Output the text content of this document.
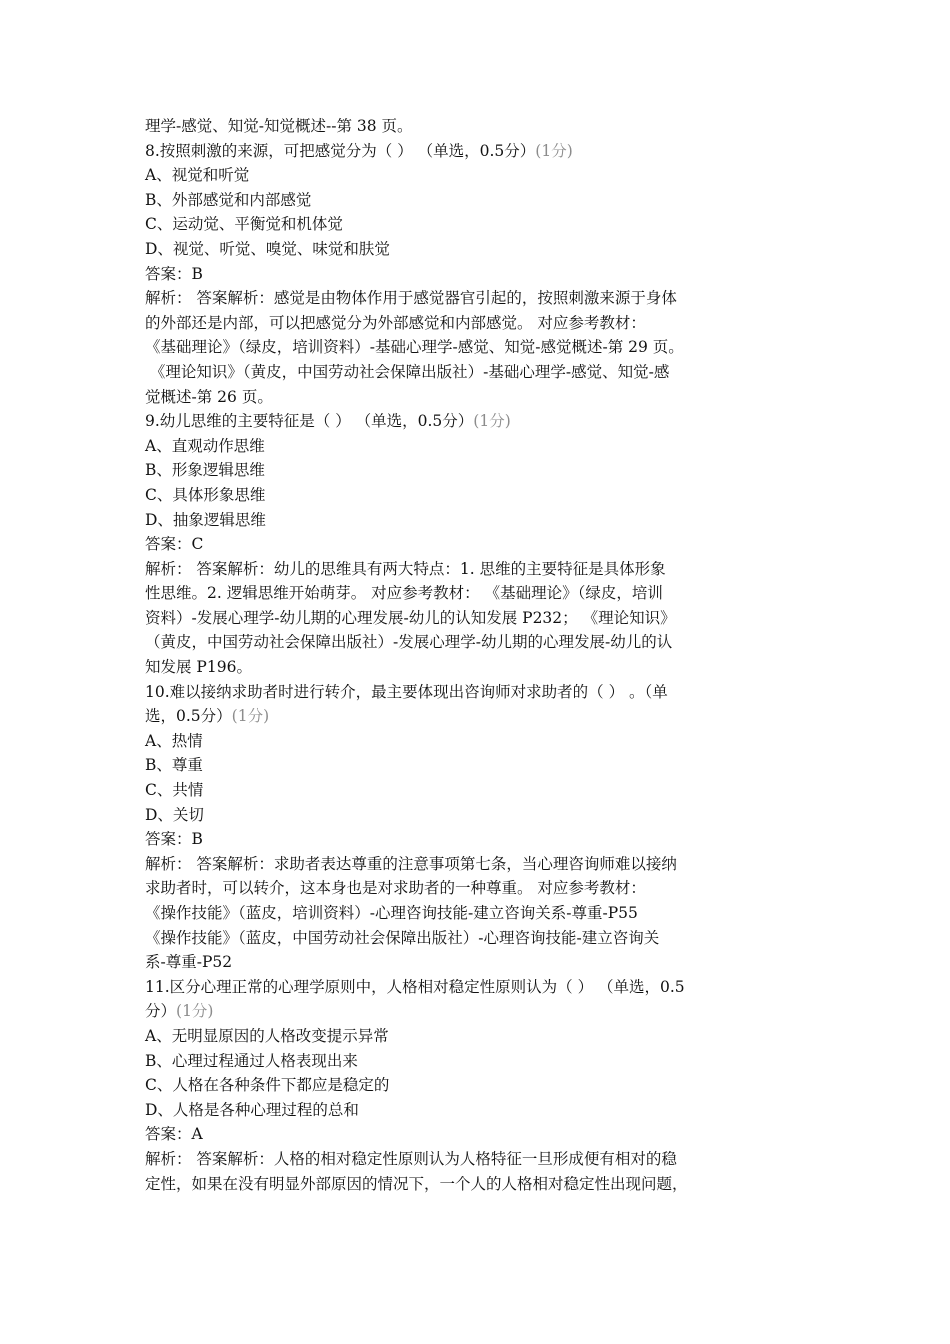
理学-感觉、知觉-知觉概述--第 38 页。
8.按照刺激的来源，可把感觉分为（ ） （单选，0.5分）(1分)
A、视觉和听觉
B、外部感觉和内部感觉
C、运动觉、平衡觉和机体觉
D、视觉、听觉、嗅觉、味觉和肤觉
答案：B
解析： 答案解析：感觉是由物体作用于感觉器官引起的，按照刺激来源于身体
的外部还是内部，可以把感觉分为外部感觉和内部感觉。 对应参考教材：
《基础理论》（绿皮，培训资料）-基础心理学-感觉、知觉-感觉概述-第 29 页。
《理论知识》（黄皮，中国劳动社会保障出版社）-基础心理学-感觉、知觉-感
觉概述-第 26 页。
9.幼儿思维的主要特征是（ ） （单选，0.5分）(1分)
A、直观动作思维
B、形象逻辑思维
C、具体形象思维
D、抽象逻辑思维
答案：C
解析： 答案解析：幼儿的思维具有两大特点：1. 思维的主要特征是具体形象
性思维。2. 逻辑思维开始萌芽。 对应参考教材： 《基础理论》（绿皮，培训
资料）-发展心理学-幼儿期的心理发展-幼儿的认知发展 P232； 《理论知识》
（黄皮，中国劳动社会保障出版社）-发展心理学-幼儿期的心理发展-幼儿的认
知发展 P196。
10.难以接纳求助者时进行转介，最主要体现出咨询师对求助者的（ ） 。（单
选，0.5分）(1分)
A、热情
B、尊重
C、共情
D、关切
答案：B
解析： 答案解析：求助者表达尊重的注意事项第七条，当心理咨询师难以接纳
求助者时，可以转介，这本身也是对求助者的一种尊重。 对应参考教材：
《操作技能》（蓝皮，培训资料）-心理咨询技能-建立咨询关系-尊重-P55
《操作技能》（蓝皮，中国劳动社会保障出版社）-心理咨询技能-建立咨询关
系-尊重-P52
11.区分心理正常的心理学原则中，人格相对稳定性原则认为（ ） （单选，0.5
分）(1分)
A、无明显原因的人格改变提示异常
B、心理过程通过人格表现出来
C、人格在各种条件下都应是稳定的
D、人格是各种心理过程的总和
答案：A
解析： 答案解析：人格的相对稳定性原则认为人格特征一旦形成便有相对的稳
定性，如果在没有明显外部原因的情况下，一个人的人格相对稳定性出现问题，
